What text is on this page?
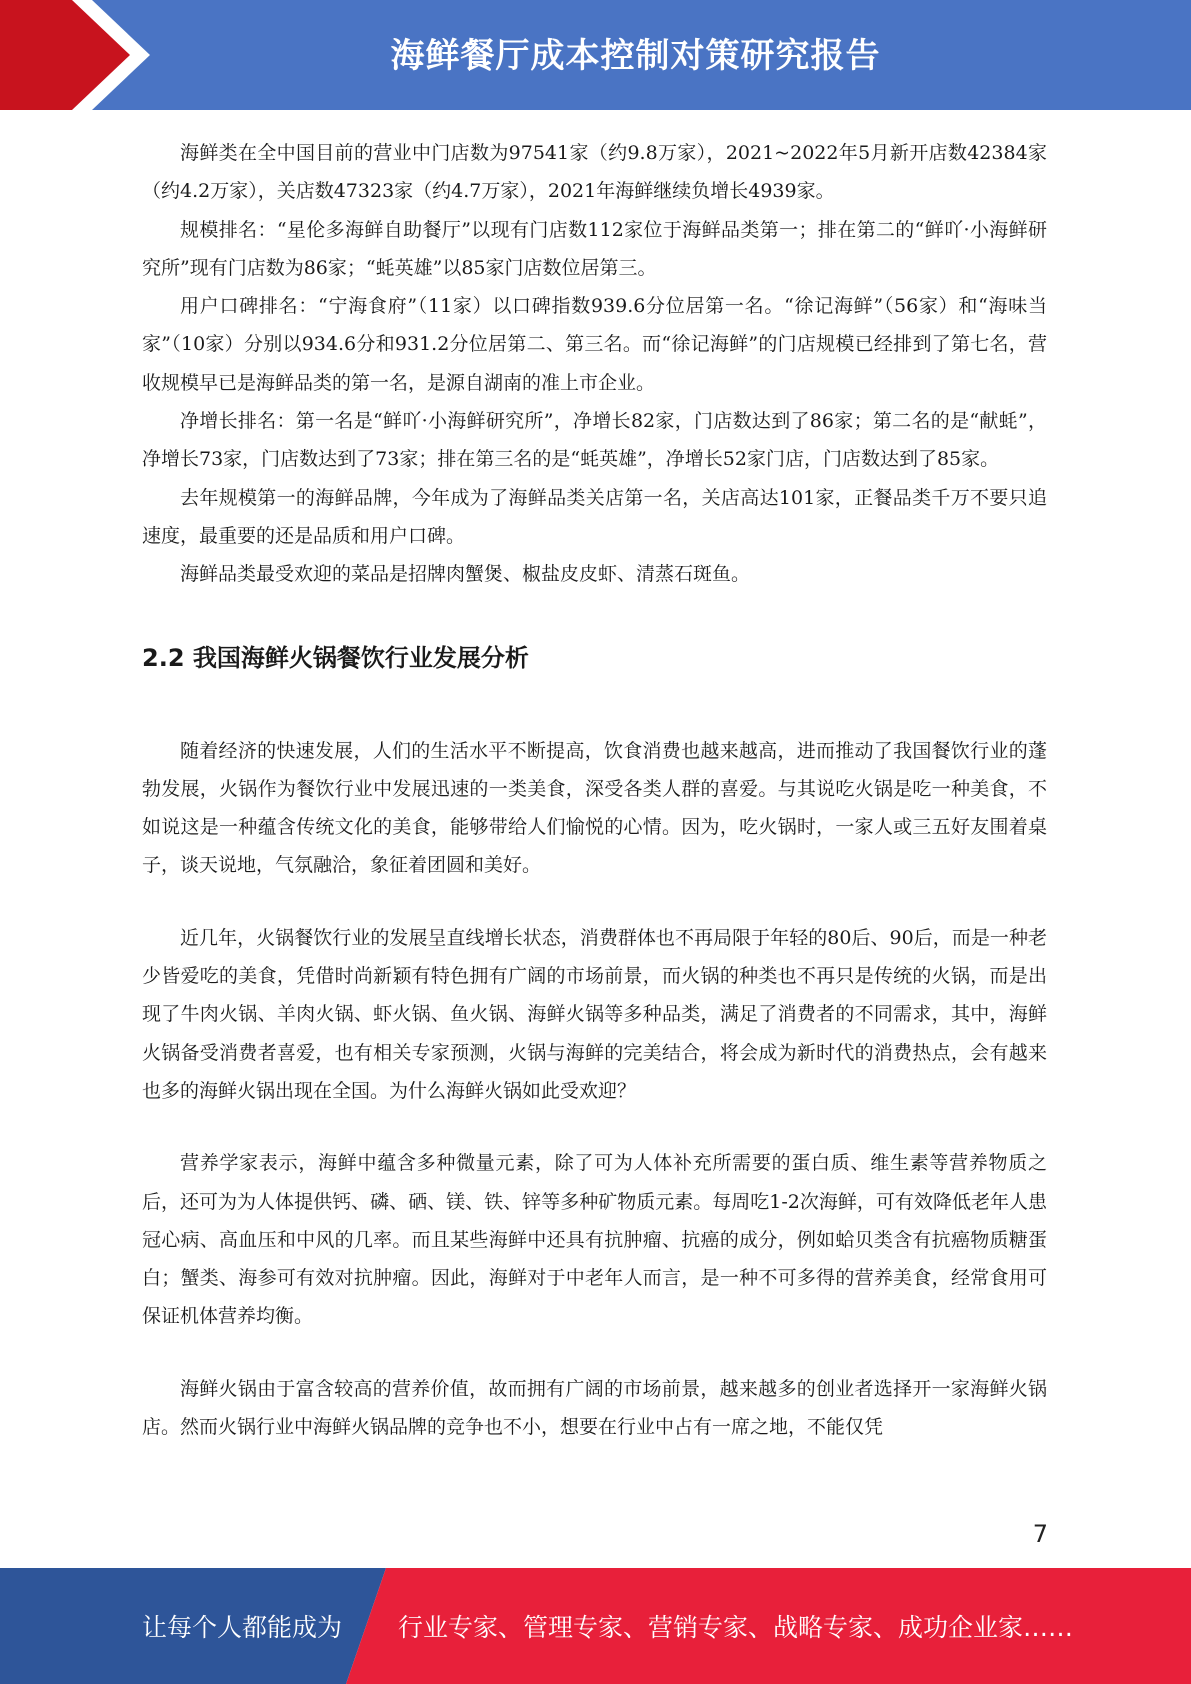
海鲜餐厅成本控制对策研究报告

海鲜类在全中国目前的营业中门店数为97541家（约9.8万家），2021~2022年5月新开店数42384家（约4.2万家），关店数47323家（约4.7万家），2021年海鲜继续负增长4939家。

规模排名：“星伦多海鲜自助餐厅”以现有门店数112家位于海鲜品类第一；排在第二的“鲜吖·小海鲜研究所”现有门店数为86家；“蚝英雄”以85家门店数位居第三。

用户口碑排名：“宁海食府”（11家）以口碑指数939.6分位居第一名。“徐记海鲜”（56家）和“海味当家”（10家）分别以934.6分和931.2分位居第二、第三名。而“徐记海鲜”的门店规模已经排到了第七名，营收规模早已是海鲜品类的第一名，是源自湖南的准上市企业。

净增长排名：第一名是“鲜吖·小海鲜研究所”，净增长82家，门店数达到了86家；第二名的是“献蚝”，净增长73家，门店数达到了73家；排在第三名的是“蚝英雄”，净增长52家门店，门店数达到了85家。

去年规模第一的海鲜品牌，今年成为了海鲜品类关店第一名，关店高达101家，正餐品类千万不要只追速度，最重要的还是品质和用户口碑。

海鲜品类最受欢迎的菜品是招牌肉蟹煲、椒盐皮皮虾、清蒸石斑鱼。

2.2 我国海鲜火锅餐饮行业发展分析

随着经济的快速发展，人们的生活水平不断提高，饮食消费也越来越高，进而推动了我国餐饮行业的蓬勃发展，火锅作为餐饮行业中发展迅速的一类美食，深受各类人群的喜爱。与其说吃火锅是吃一种美食，不如说这是一种蕴含传统文化的美食，能够带给人们愉悦的心情。因为，吃火锅时，一家人或三五好友围着桌子，谈天说地，气氛融洽，象征着团圆和美好。

近几年，火锅餐饮行业的发展呈直线增长状态，消费群体也不再局限于年轻的80后、90后，而是一种老少皆爱吃的美食，凭借时尚新颖有特色拥有广阔的市场前景，而火锅的种类也不再只是传统的火锅，而是出现了牛肉火锅、羊肉火锅、虾火锅、鱼火锅、海鲜火锅等多种品类，满足了消费者的不同需求，其中，海鲜火锅备受消费者喜爱，也有相关专家预测，火锅与海鲜的完美结合，将会成为新时代的消费热点，会有越来也多的海鲜火锅出现在全国。为什么海鲜火锅如此受欢迎？

营养学家表示，海鲜中蕴含多种微量元素，除了可为人体补充所需要的蛋白质、维生素等营养物质之后，还可为为人体提供钙、磷、硒、镁、铁、锌等多种矿物质元素。每周吃1-2次海鲜，可有效降低老年人患冠心病、高血压和中风的几率。而且某些海鲜中还具有抗肿瘤、抗癌的成分，例如蛤贝类含有抗癌物质糖蛋白；蟹类、海参可有效对抗肿瘤。因此，海鲜对于中老年人而言，是一种不可多得的营养美食，经常食用可保证机体营养均衡。

海鲜火锅由于富含较高的营养价值，故而拥有广阔的市场前景，越来越多的创业者选择开一家海鲜火锅店。然而火锅行业中海鲜火锅品牌的竞争也不小，想要在行业中占有一席之地，不能仅凭

7
让每个人都能成为 行业专家、管理专家、营销专家、战略专家、成功企业家……
